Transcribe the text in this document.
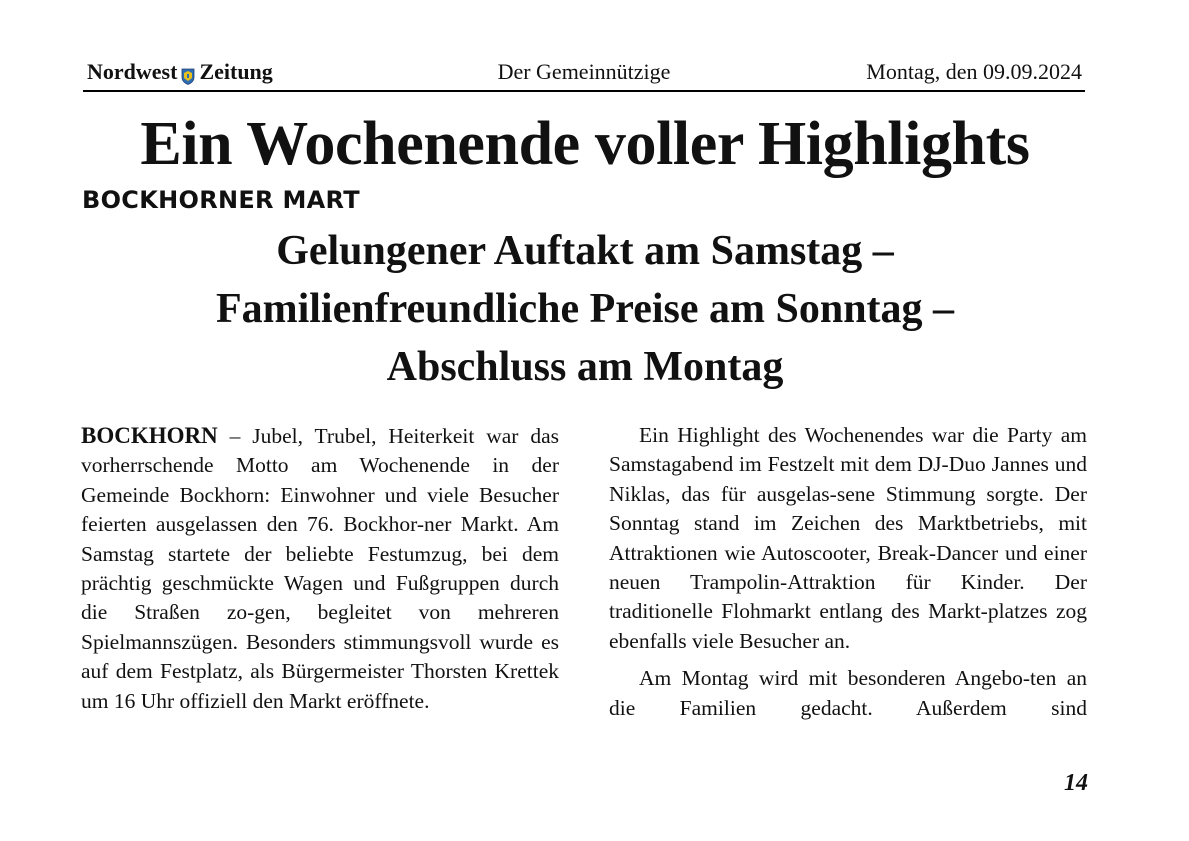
Nordwest Zeitung	Der Gemeinnützige	Montag, den 09.09.2024
Ein Wochenende voller Highlights
BOCKHORNER MART
Gelungener Auftakt am Samstag –
Familienfreundliche Preise am Sonntag –
Abschluss am Montag

BOCKHORN – Jubel, Trubel, Heiterkeit war das vorherrschende Motto am Wochenende in der Gemeinde Bockhorn: Einwohner und viele Besucher feierten ausgelassen den 76. Bockhor-ner Markt. Am Samstag startete der beliebte Festumzug, bei dem prächtig geschmückte Wagen und Fußgruppen durch die Straßen zo-gen, begleitet von mehreren Spielmannszügen. Besonders stimmungsvoll wurde es auf dem Festplatz, als Bürgermeister Thorsten Krettek um 16 Uhr offiziell den Markt eröffnete.

Ein Highlight des Wochenendes war die Party am Samstagabend im Festzelt mit dem DJ-Duo Jannes und Niklas, das für ausgelas-sene Stimmung sorgte. Der Sonntag stand im Zeichen des Marktbetriebs, mit Attraktionen wie Autoscooter, Break-Dancer und einer neuen Trampolin-Attraktion für Kinder. Der traditionelle Flohmarkt entlang des Markt-platzes zog ebenfalls viele Besucher an.

Am Montag wird mit besonderen Angebo-ten an die Familien gedacht. Außerdem sind

14
